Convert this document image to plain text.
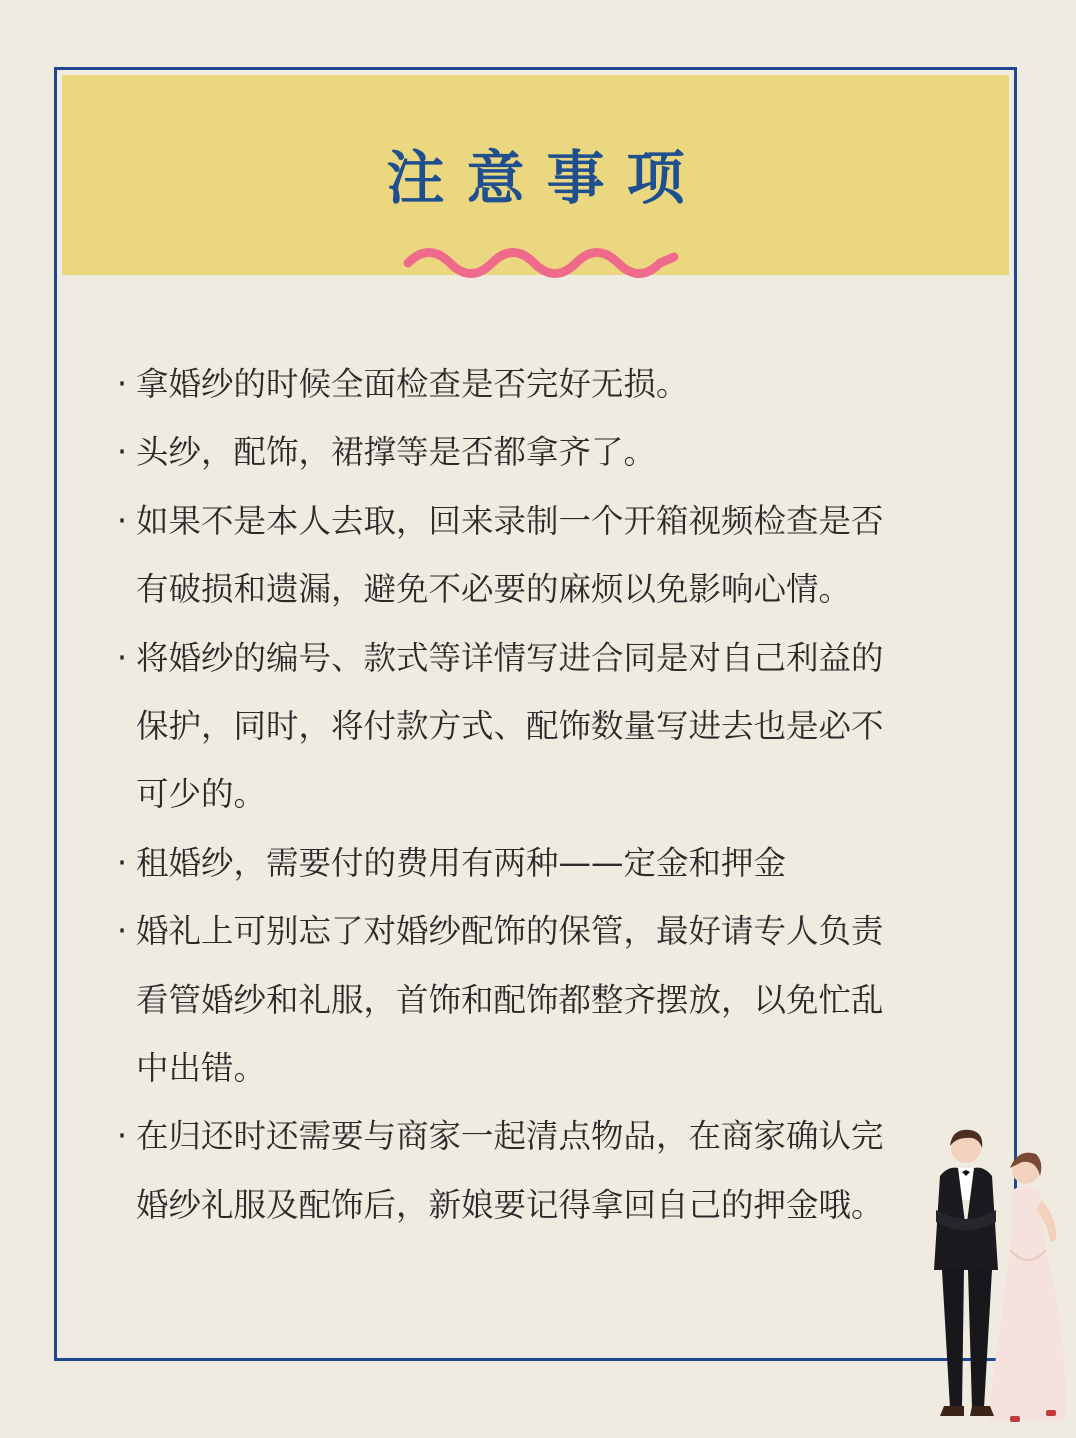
注意事项
· 拿婚纱的时候全面检查是否完好无损。
· 头纱，配饰，裙撑等是否都拿齐了。
· 如果不是本人去取，回来录制一个开箱视频检查是否
有破损和遗漏，避免不必要的麻烦以免影响心情。
· 将婚纱的编号、款式等详情写进合同是对自己利益的
保护，同时，将付款方式、配饰数量写进去也是必不
可少的。
· 租婚纱，需要付的费用有两种——定金和押金
· 婚礼上可别忘了对婚纱配饰的保管，最好请专人负责
看管婚纱和礼服，首饰和配饰都整齐摆放，以免忙乱
中出错。
· 在归还时还需要与商家一起清点物品，在商家确认完
婚纱礼服及配饰后，新娘要记得拿回自己的押金哦。
